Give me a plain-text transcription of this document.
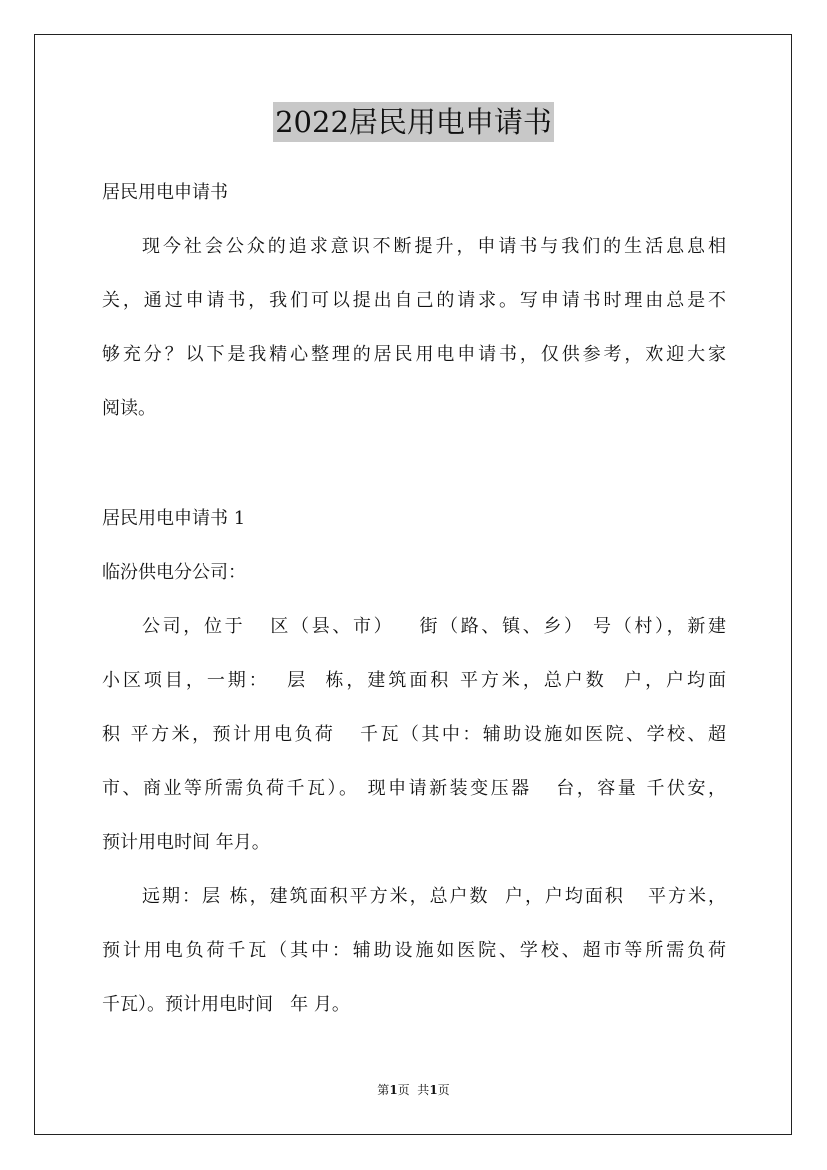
2022居民用电申请书
居民用电申请书
现今社会公众的追求意识不断提升，申请书与我们的生活息息相
关，通过申请书，我们可以提出自己的请求。写申请书时理由总是不
够充分？以下是我精心整理的居民用电申请书，仅供参考，欢迎大家
阅读。
居民用电申请书 1
临汾供电分公司：
公司，位于   区（县、市）   街（路、镇、乡） 号（村），新建
小区项目，一期：  层  栋，建筑面积 平方米，总户数  户，户均面
积 平方米，预计用电负荷   千瓦（其中：辅助设施如医院、学校、超
市、商业等所需负荷千瓦）。 现申请新装变压器   台，容量 千伏安，
预计用电时间 年月。
远期：层 栋，建筑面积平方米，总户数  户，户均面积   平方米，
预计用电负荷千瓦（其中：辅助设施如医院、学校、超市等所需负荷
千瓦）。预计用电时间   年 月。
第1页  共1页
